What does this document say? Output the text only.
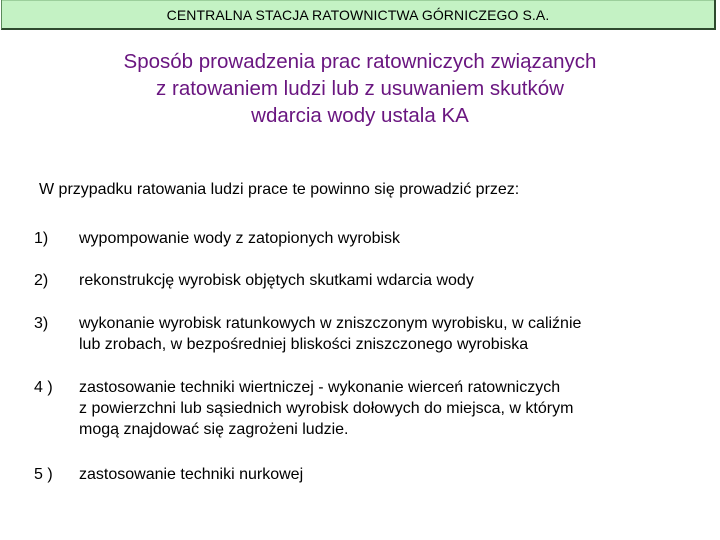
CENTRALNA STACJA RATOWNICTWA GÓRNICZEGO S.A.
Sposób prowadzenia prac ratowniczych związanych
z ratowaniem ludzi lub z usuwaniem skutków
wdarcia wody ustala KA
W przypadku ratowania ludzi prace te powinno się prowadzić przez:
1) wypompowanie wody z zatopionych wyrobisk
2) rekonstrukcję wyrobisk objętych skutkami wdarcia wody
3) wykonanie wyrobisk ratunkowych w zniszczonym wyrobisku, w caliźnie
lub zrobach, w bezpośredniej bliskości zniszczonego wyrobiska
4 ) zastosowanie techniki wiertniczej - wykonanie wierceń ratowniczych
z powierzchni lub sąsiednich wyrobisk dołowych do miejsca, w którym
mogą znajdować się zagrożeni ludzie.
5 ) zastosowanie techniki nurkowej
